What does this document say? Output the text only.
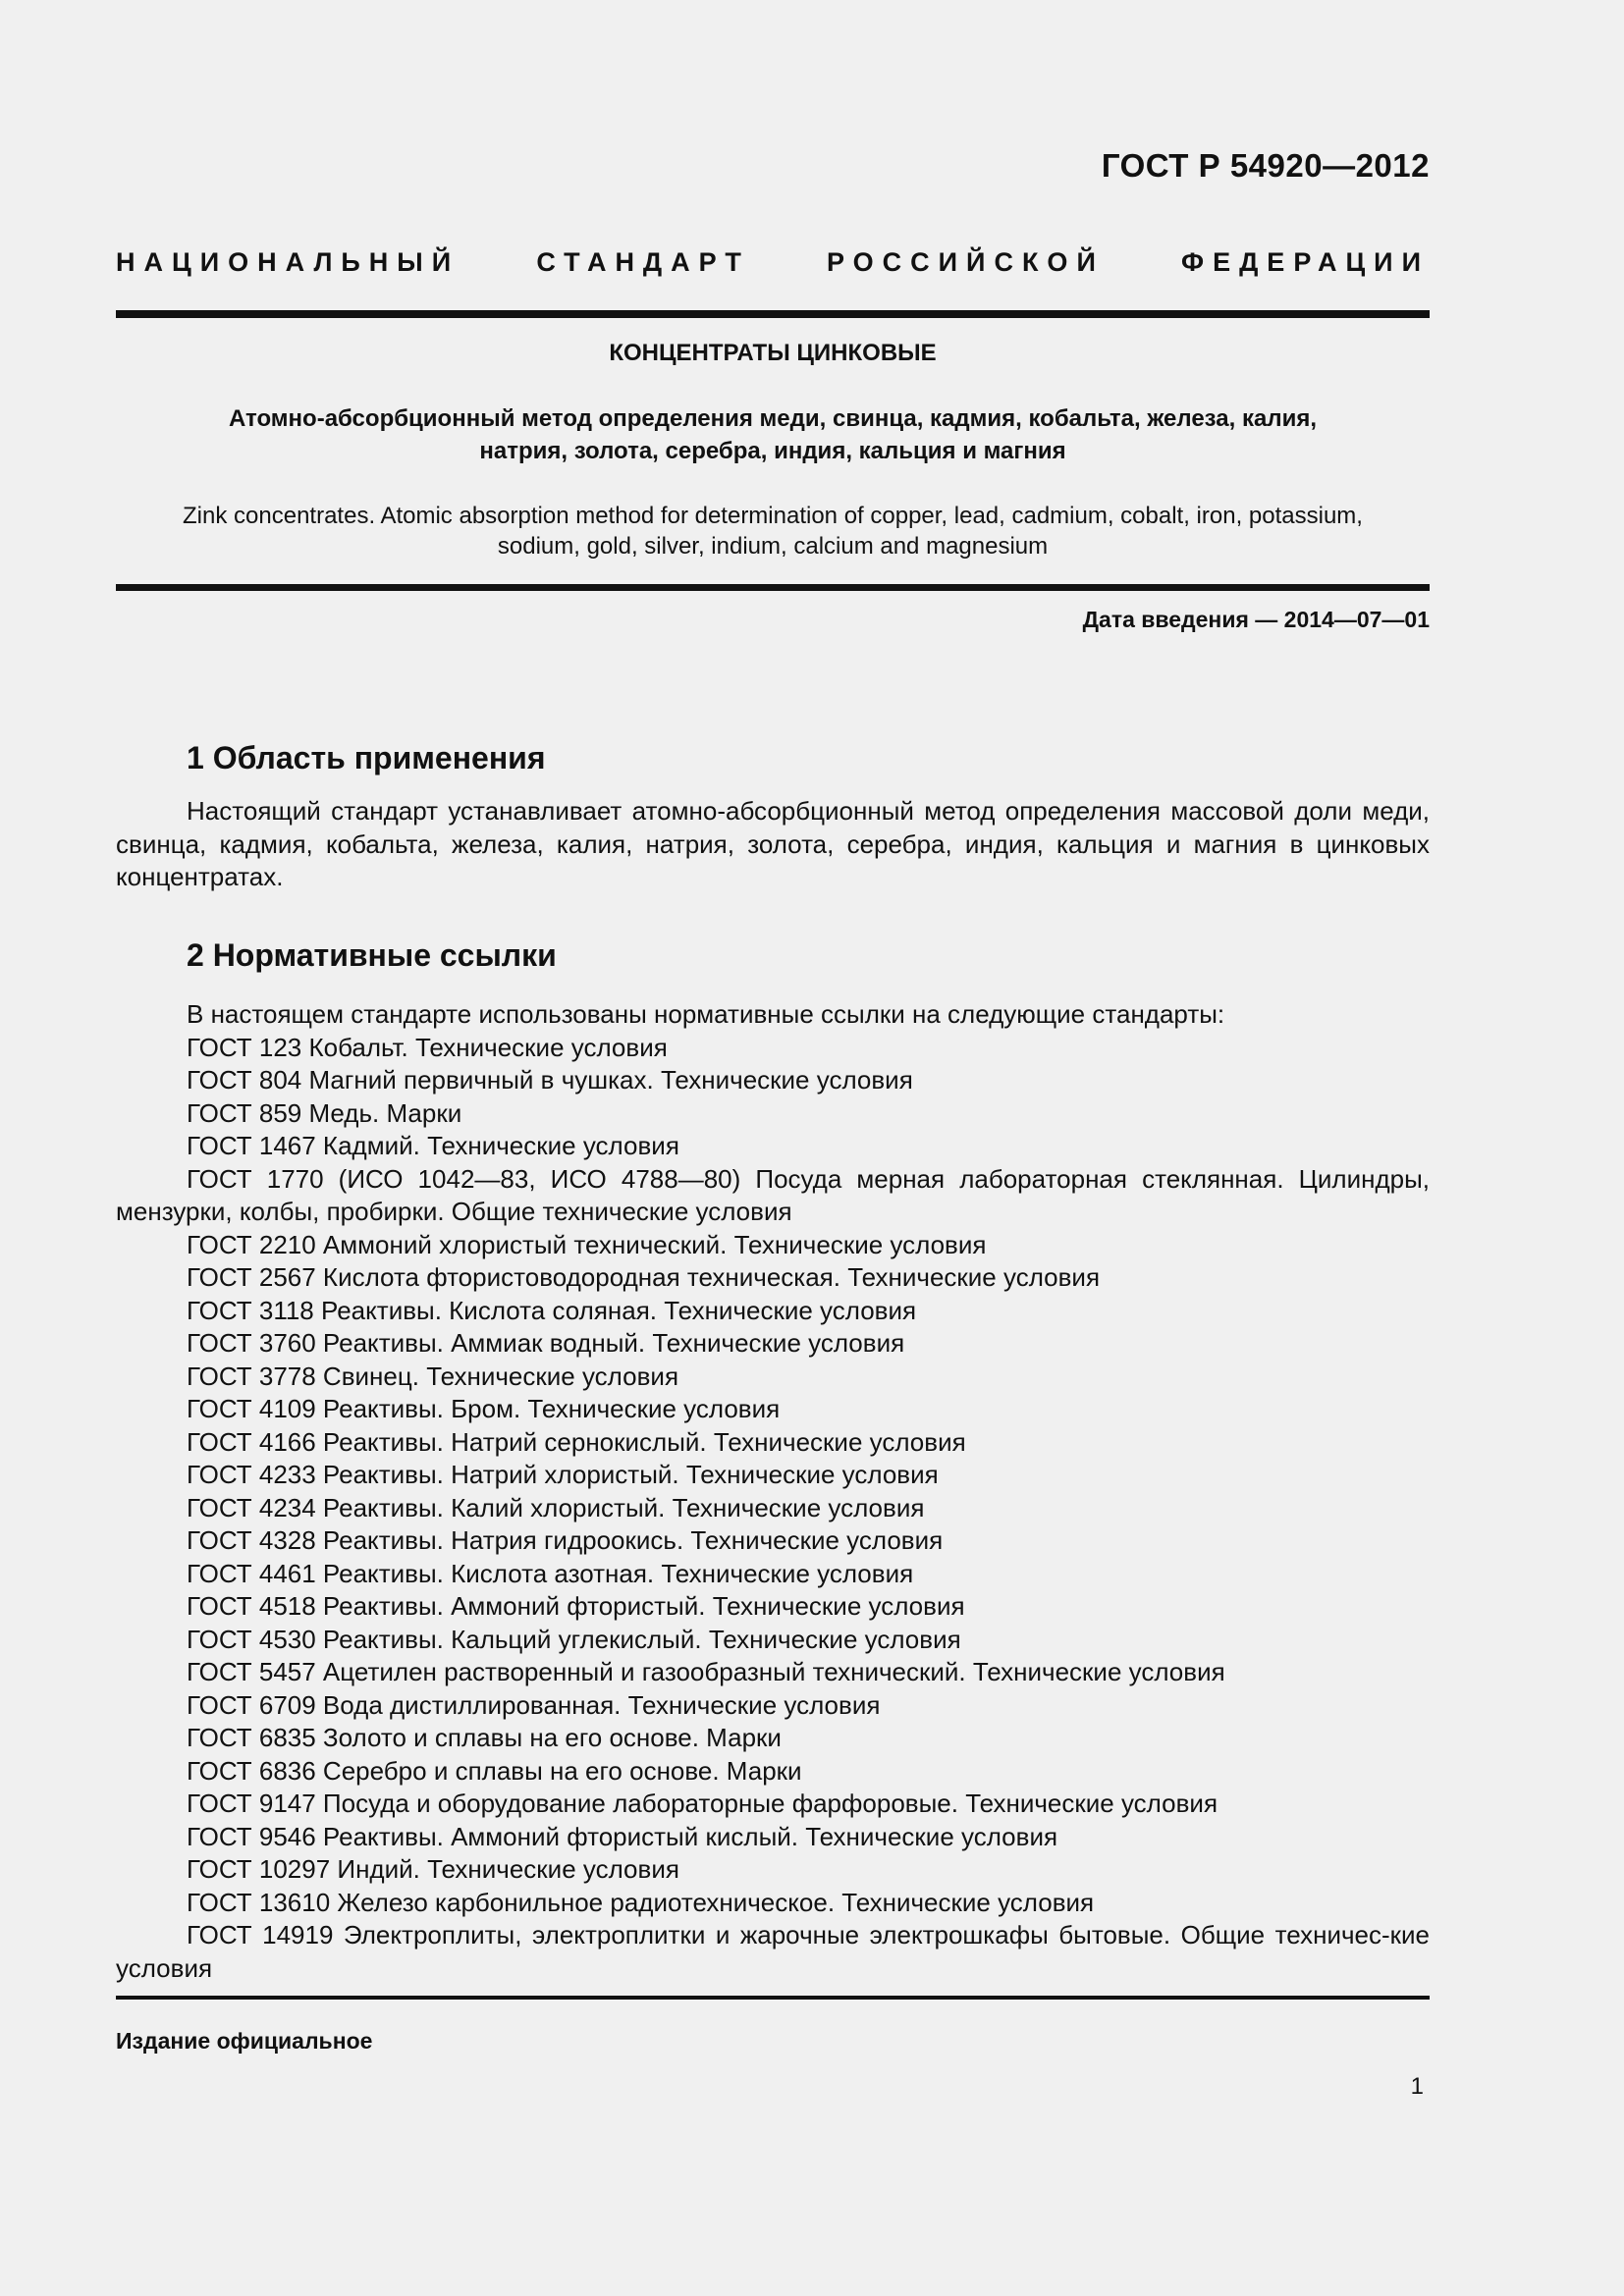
ГОСТ Р 54920—2012
НАЦИОНАЛЬНЫЙ СТАНДАРТ РОССИЙСКОЙ ФЕДЕРАЦИИ
КОНЦЕНТРАТЫ ЦИНКОВЫЕ
Атомно-абсорбционный метод определения меди, свинца, кадмия, кобальта, железа, калия,
натрия, золота, серебра, индия, кальция и магния
Zink concentrates. Atomic absorption method for determination of copper, lead, cadmium, cobalt, iron, potassium,
sodium, gold, silver, indium, calcium and magnesium
Дата введения — 2014—07—01
1 Область применения
Настоящий стандарт устанавливает атомно-абсорбционный метод определения массовой доли меди, свинца, кадмия, кобальта, железа, калия, натрия, золота, серебра, индия, кальция и магния в цинковых концентратах.
2 Нормативные ссылки
В настоящем стандарте использованы нормативные ссылки на следующие стандарты:
ГОСТ 123 Кобальт. Технические условия
ГОСТ 804 Магний первичный в чушках. Технические условия
ГОСТ 859 Медь. Марки
ГОСТ 1467 Кадмий. Технические условия
ГОСТ 1770 (ИСО 1042—83, ИСО 4788—80) Посуда мерная лабораторная стеклянная. Цилиндры, мензурки, колбы, пробирки. Общие технические условия
ГОСТ 2210 Аммоний хлористый технический. Технические условия
ГОСТ 2567 Кислота фтористоводородная техническая. Технические условия
ГОСТ 3118 Реактивы. Кислота соляная. Технические условия
ГОСТ 3760 Реактивы. Аммиак водный. Технические условия
ГОСТ 3778 Свинец. Технические условия
ГОСТ 4109 Реактивы. Бром. Технические условия
ГОСТ 4166 Реактивы. Натрий сернокислый. Технические условия
ГОСТ 4233 Реактивы. Натрий хлористый. Технические условия
ГОСТ 4234 Реактивы. Калий хлористый. Технические условия
ГОСТ 4328 Реактивы. Натрия гидроокись. Технические условия
ГОСТ 4461 Реактивы. Кислота азотная. Технические условия
ГОСТ 4518 Реактивы. Аммоний фтористый. Технические условия
ГОСТ 4530 Реактивы. Кальций углекислый. Технические условия
ГОСТ 5457 Ацетилен растворенный и газообразный технический. Технические условия
ГОСТ 6709 Вода дистиллированная. Технические условия
ГОСТ 6835 Золото и сплавы на его основе. Марки
ГОСТ 6836 Серебро и сплавы на его основе. Марки
ГОСТ 9147 Посуда и оборудование лабораторные фарфоровые. Технические условия
ГОСТ 9546 Реактивы. Аммоний фтористый кислый. Технические условия
ГОСТ 10297 Индий. Технические условия
ГОСТ 13610 Железо карбонильное радиотехническое. Технические условия
ГОСТ 14919 Электроплиты, электроплитки и жарочные электрошкафы бытовые. Общие техничес-кие условия
Издание официальное
1
